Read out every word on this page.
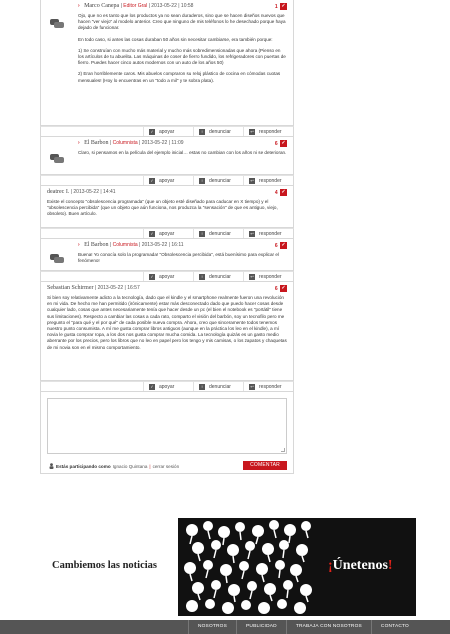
› Marco Canepa | Editor Gral | 2013-05-22 | 10:58	1 ✓

Ojo, que no es tanto que los productos ya no sean duraderos, sino que se hacen diseños nuevos que hacen "ver viejo" al modelo anterior. Creo que ninguno de mis teléfonos lo he desechado porque haya dejado de funcionar.

En todo caso, si antes las cosas duraban 50 años sin necesitar cambiarse, era también porque:

1) Se construían con mucho más material y mucho más sobredimensionadas que ahora (Pienso en los artículos de tu abuelita. Las máquinas de coser de fierro fundido, los refrigeradores con puertas de fierro. Puedes hacer cinco autos modernos con un auto de los años 50)

2) Eran horriblemente caros. Mis abuelos compraron su reloj plástico de cocina en cómodas cuotas mensuales! (Hoy lo encuentras en un "todo a mil" y te sobra plata).

✓ apoyar	!	denunciar	↩ responder
› El Barbon | Columnista | 2013-05-22 | 11:09	6 ✓

Claro, si pensamos en la película del ejemplo inicial… estas no cambian con los años ni se deterioran.

✓ apoyar	!	denunciar	↩ responder
deatrec I. | 2013-05-22 | 14:41	4 ✓

Existe el concepto "obsolescencia programada" (que un objeto esté diseñado para caducar en X tiempo) y el "obsolescencia percibida" (que un objeto que aún funciona, nos produzca la "sensación" de que es antiguo, viejo, obsoleto). Buen artículo.

✓ apoyar	!	denunciar	↩ responder
› El Barbon | Columnista | 2013-05-22 | 16:11	6 ✓

Buena! Yo conocía solo la programada! "Obsolescencia percibida", está buenísimo para explicar el fenómeno!

✓ apoyar	!	denunciar	↩ responder
Sebastian Schirmer | 2013-05-22 | 16:57	6 ✓

Si bien soy relativamente adicto a la tecnología, dado que el kindle y el smartphone realmente fueron una revolución en mi vida. De hecho me han permitido (irónicamente) estar más desconectado dado que puedo hacer cosas desde cualquier lado, cosas que antes necesariamente tenía que hacer desde un pc (el bien el notebook es "portátil" tiene sus limitaciones). Respecto a cambiar las cosas a cada rato, comparto el visión del barbón, soy un tecnofilo pero me pregunto el "para qué y el por qué" de cada posible nueva compra. Ahora, creo que sinceramente todos tenemos nuestro punto consumista. A mí me gusta comprar libros antiguos (aunque en la práctica los leo en el kindle), a mí novia le gusta comprar ropa, a los dos nos gusta comprar mucha comida. La tecnología quizás es un gasto medio aberrante por los precios, pero los libros que no leo en papel pero los tengo y mis camisas, o los zapatos y chaquetas de mi novia son en el mismo comportamiento.

✓ apoyar	!	denunciar	↩ responder
Estás participando como Ignacio Quintana | cerrar sesión	COMENTAR
Cambiemos las noticias	¡Únetenos!
NOSOTROS	PUBLICIDAD	TRABAJA CON NOSOTROS	CONTACTO
